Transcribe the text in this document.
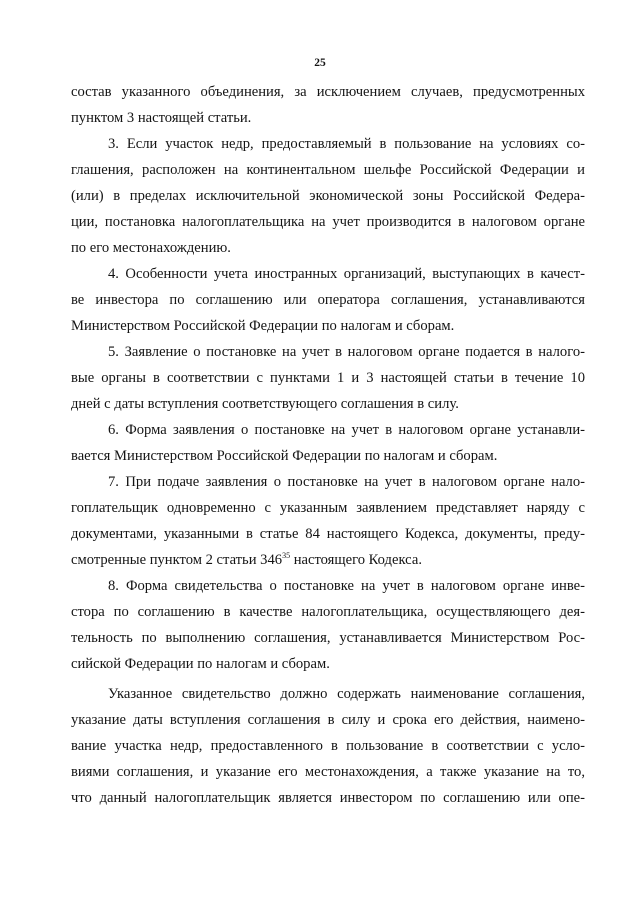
25
состав указанного объединения, за исключением случаев, предусмотренных
пунктом 3 настоящей статьи.
3. Если участок недр, предоставляемый в пользование на условиях со-
глашения, расположен на континентальном шельфе Российской Федерации и
(или) в пределах исключительной экономической зоны Российской Федера-
ции, постановка налогоплательщика на учет производится в налоговом органе
по его местонахождению.
4. Особенности учета иностранных организаций, выступающих в качест-
ве инвестора по соглашению или оператора соглашения, устанавливаются
Министерством Российской Федерации по налогам и сборам.
5. Заявление о постановке на учет в налоговом органе подается в налого-
вые органы в соответствии с пунктами 1 и 3 настоящей статьи в течение 10
дней с даты вступления соответствующего соглашения в силу.
6. Форма заявления о постановке на учет в налоговом органе устанавли-
вается Министерством Российской Федерации по налогам и сборам.
7. При подаче заявления о постановке на учет в налоговом органе нало-
гоплательщик одновременно с указанным заявлением представляет наряду с
документами, указанными в статье 84 настоящего Кодекса, документы, преду-
смотренные пунктом 2 статьи $346^{35}$ настоящего Кодекса.
8. Форма свидетельства о постановке на учет в налоговом органе инве-
стора по соглашению в качестве налогоплательщика, осуществляющего дея-
тельность по выполнению соглашения, устанавливается Министерством Рос-
сийской Федерации по налогам и сборам.
Указанное свидетельство должно содержать наименование соглашения,
указание даты вступления соглашения в силу и срока его действия, наимено-
вание участка недр, предоставленного в пользование в соответствии с усло-
виями соглашения, и указание его местонахождения, а также указание на то,
что данный налогоплательщик является инвестором по соглашению или опе-
